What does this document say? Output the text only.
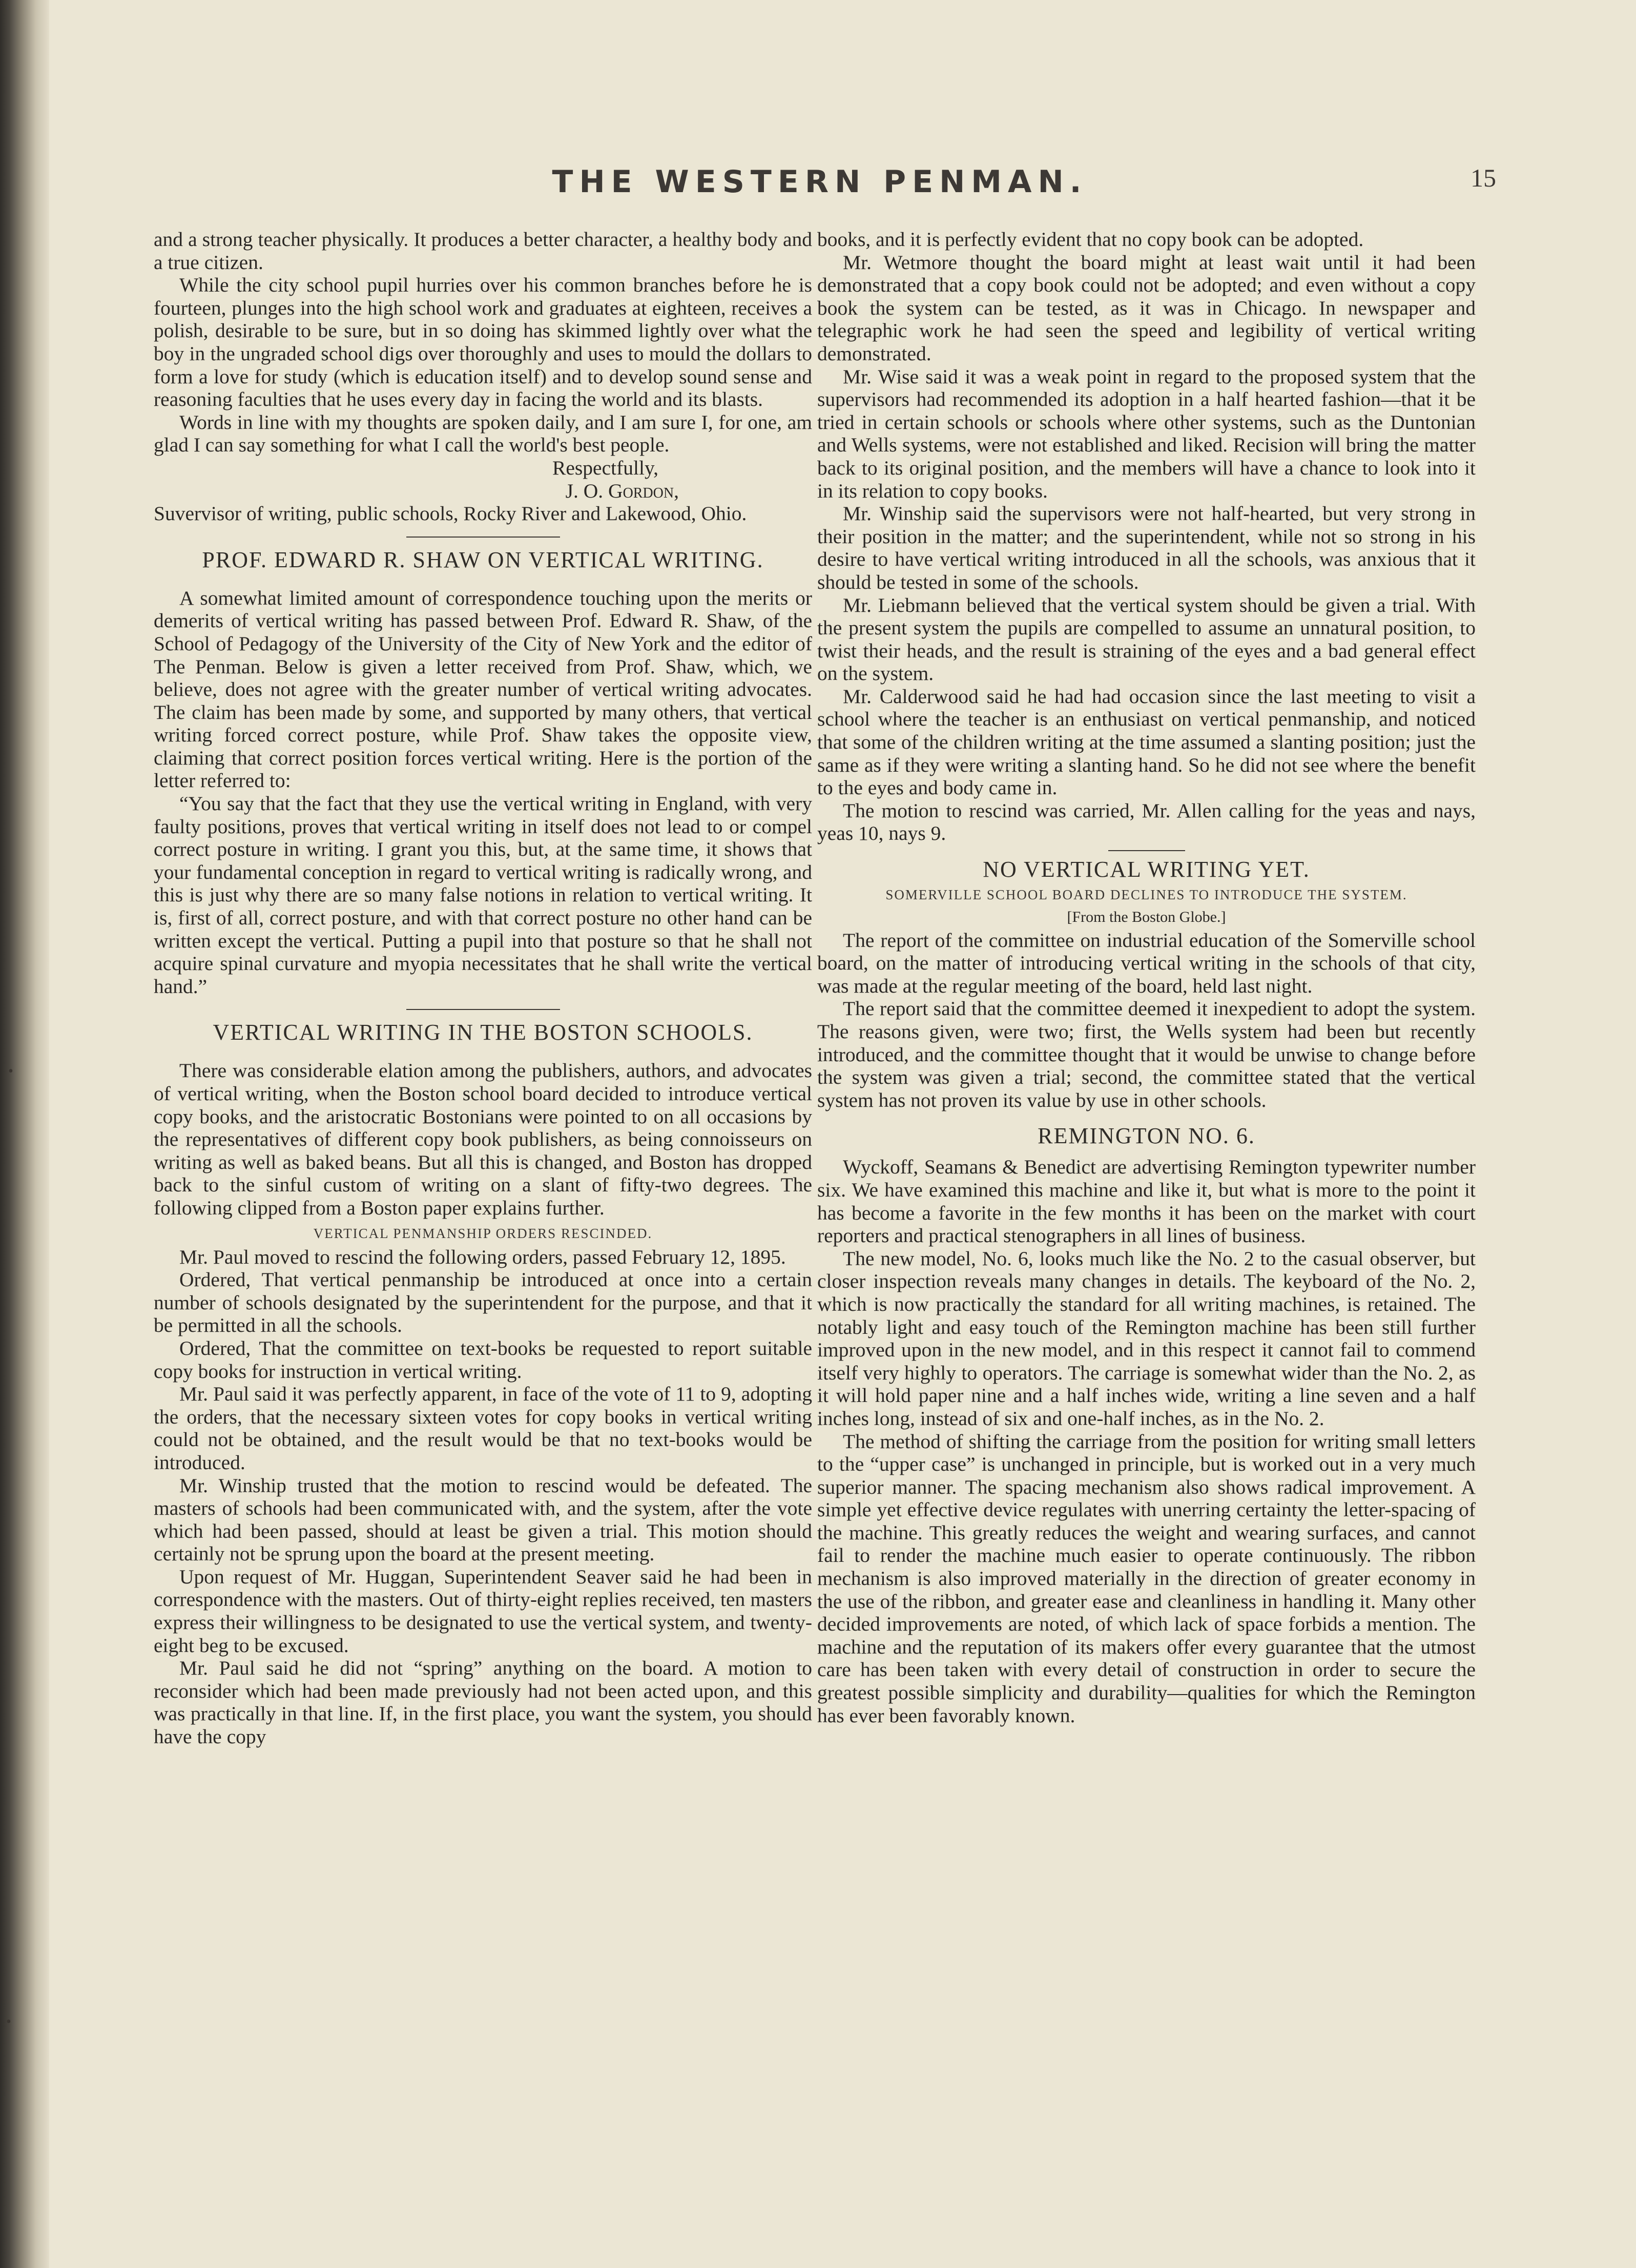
•
•
THE WESTERN PENMAN.	15

and a strong teacher physically. It produces a better character, a healthy body and a true citizen.

While the city school pupil hurries over his common branches before he is fourteen, plunges into the high school work and graduates at eighteen, receives a polish, desirable to be sure, but in so doing has skimmed lightly over what the boy in the ungraded school digs over thoroughly and uses to mould the dollars to form a love for study (which is education itself) and to develop sound sense and reasoning faculties that he uses every day in facing the world and its blasts.

Words in line with my thoughts are spoken daily, and I am sure I, for one, am glad I can say something for what I call the world's best people.

Respectfully,

J. O. Gordon,

Suvervisor of writing, public schools, Rocky River and Lakewood, Ohio.

PROF. EDWARD R. SHAW ON VERTICAL WRITING.

A somewhat limited amount of correspondence touching upon the merits or demerits of vertical writing has passed between Prof. Edward R. Shaw, of the School of Pedagogy of the University of the City of New York and the editor of The Penman. Below is given a letter received from Prof. Shaw, which, we believe, does not agree with the greater number of vertical writing advocates. The claim has been made by some, and supported by many others, that vertical writing forced correct posture, while Prof. Shaw takes the opposite view, claiming that correct position forces vertical writing. Here is the portion of the letter referred to:

“You say that the fact that they use the vertical writing in England, with very faulty positions, proves that vertical writing in itself does not lead to or compel correct posture in writing. I grant you this, but, at the same time, it shows that your fundamental conception in regard to vertical writing is radically wrong, and this is just why there are so many false notions in relation to vertical writing. It is, first of all, correct posture, and with that correct posture no other hand can be written except the vertical. Putting a pupil into that posture so that he shall not acquire spinal curvature and myopia necessitates that he shall write the vertical hand.”

VERTICAL WRITING IN THE BOSTON SCHOOLS.

There was considerable elation among the publishers, authors, and advocates of vertical writing, when the Boston school board decided to introduce vertical copy books, and the aristocratic Bostonians were pointed to on all occasions by the representatives of different copy book publishers, as being connoisseurs on writing as well as baked beans. But all this is changed, and Boston has dropped back to the sinful custom of writing on a slant of fifty-two degrees. The following clipped from a Boston paper explains further.

VERTICAL PENMANSHIP ORDERS RESCINDED.

Mr. Paul moved to rescind the following orders, passed February 12, 1895.

Ordered, That vertical penmanship be introduced at once into a certain number of schools designated by the superintendent for the purpose, and that it be permitted in all the schools.

Ordered, That the committee on text-books be requested to report suitable copy books for instruction in vertical writing.

Mr. Paul said it was perfectly apparent, in face of the vote of 11 to 9, adopting the orders, that the necessary sixteen votes for copy books in vertical writing could not be obtained, and the result would be that no text-books would be introduced.

Mr. Winship trusted that the motion to rescind would be defeated. The masters of schools had been communicated with, and the system, after the vote which had been passed, should at least be given a trial. This motion should certainly not be sprung upon the board at the present meeting.

Upon request of Mr. Huggan, Superintendent Seaver said he had been in correspondence with the masters. Out of thirty-eight replies received, ten masters express their willingness to be designated to use the vertical system, and twenty-eight beg to be excused.

Mr. Paul said he did not “spring” anything on the board. A motion to reconsider which had been made previously had not been acted upon, and this was practically in that line. If, in the first place, you want the system, you should have the copy

books, and it is perfectly evident that no copy book can be adopted.

Mr. Wetmore thought the board might at least wait until it had been demonstrated that a copy book could not be adopted; and even without a copy book the system can be tested, as it was in Chicago. In newspaper and telegraphic work he had seen the speed and legibility of vertical writing demonstrated.

Mr. Wise said it was a weak point in regard to the proposed system that the supervisors had recommended its adoption in a half hearted fashion—that it be tried in certain schools or schools where other systems, such as the Duntonian and Wells systems, were not established and liked. Recision will bring the matter back to its original position, and the members will have a chance to look into it in its relation to copy books.

Mr. Winship said the supervisors were not half-hearted, but very strong in their position in the matter; and the superintendent, while not so strong in his desire to have vertical writing introduced in all the schools, was anxious that it should be tested in some of the schools.

Mr. Liebmann believed that the vertical system should be given a trial. With the present system the pupils are compelled to assume an unnatural position, to twist their heads, and the result is straining of the eyes and a bad general effect on the system.

Mr. Calderwood said he had had occasion since the last meeting to visit a school where the teacher is an enthusiast on vertical penmanship, and noticed that some of the children writing at the time assumed a slanting position; just the same as if they were writing a slanting hand. So he did not see where the benefit to the eyes and body came in.

The motion to rescind was carried, Mr. Allen calling for the yeas and nays, yeas 10, nays 9.

NO VERTICAL WRITING YET.
SOMERVILLE SCHOOL BOARD DECLINES TO INTRODUCE THE SYSTEM.

[From the Boston Globe.]

The report of the committee on industrial education of the Somerville school board, on the matter of introducing vertical writing in the schools of that city, was made at the regular meeting of the board, held last night.

The report said that the committee deemed it inexpedient to adopt the system. The reasons given, were two; first, the Wells system had been but recently introduced, and the committee thought that it would be unwise to change before the system was given a trial; second, the committee stated that the vertical system has not proven its value by use in other schools.

REMINGTON NO. 6.

Wyckoff, Seamans & Benedict are advertising Remington typewriter number six. We have examined this machine and like it, but what is more to the point it has become a favorite in the few months it has been on the market with court reporters and practical stenographers in all lines of business.

The new model, No. 6, looks much like the No. 2 to the casual observer, but closer inspection reveals many changes in details. The keyboard of the No. 2, which is now practically the standard for all writing machines, is retained. The notably light and easy touch of the Remington machine has been still further improved upon in the new model, and in this respect it cannot fail to commend itself very highly to operators. The carriage is somewhat wider than the No. 2, as it will hold paper nine and a half inches wide, writing a line seven and a half inches long, instead of six and one-half inches, as in the No. 2.

The method of shifting the carriage from the position for writing small letters to the “upper case” is unchanged in principle, but is worked out in a very much superior manner. The spacing mechanism also shows radical improvement. A simple yet effective device regulates with unerring certainty the letter-spacing of the machine. This greatly reduces the weight and wearing surfaces, and cannot fail to render the machine much easier to operate continuously. The ribbon mechanism is also improved materially in the direction of greater economy in the use of the ribbon, and greater ease and cleanliness in handling it. Many other decided improvements are noted, of which lack of space forbids a mention. The machine and the reputation of its makers offer every guarantee that the utmost care has been taken with every detail of construction in order to secure the greatest possible simplicity and durability—qualities for which the Remington has ever been favorably known.
